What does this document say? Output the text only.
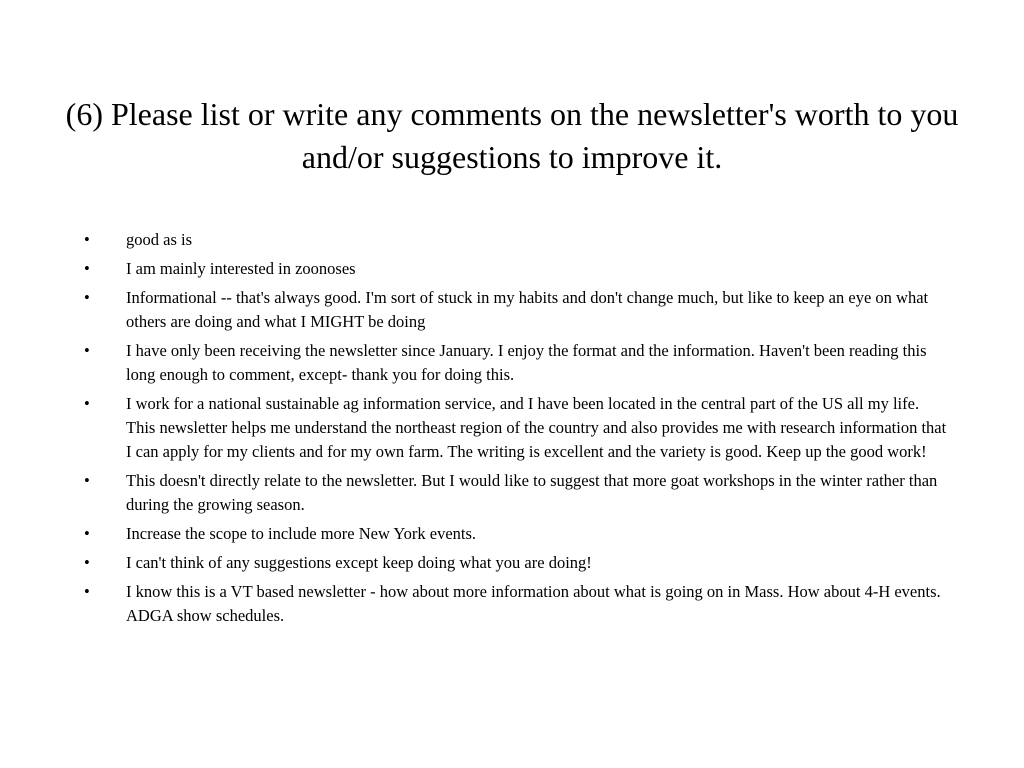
(6) Please list or write any comments on the newsletter's worth to you and/or suggestions to improve it.
•	good as is
•	I am mainly interested in zoonoses
•	Informational -- that's always good. I'm sort of stuck in my habits and don't change much, but like to keep an eye on what others are doing and what I MIGHT be doing
•	I have only been receiving the newsletter since January. I enjoy the format and the information. Haven't been reading this long enough to comment, except- thank you for doing this.
•	I work for a national sustainable ag information service, and I have been located in the central part of the US all my life. This newsletter helps me understand the northeast region of the country and also provides me with research information that I can apply for my clients and for my own farm. The writing is excellent and the variety is good. Keep up the good work!
•	This doesn't directly relate to the newsletter. But I would like to suggest that more goat workshops in the winter rather than during the growing season.
•	Increase the scope to include more New York events.
•	I can't think of any suggestions except keep doing what you are doing!
•	I know this is a VT based newsletter - how about more information about what is going on in Mass. How about 4-H events. ADGA show schedules.
